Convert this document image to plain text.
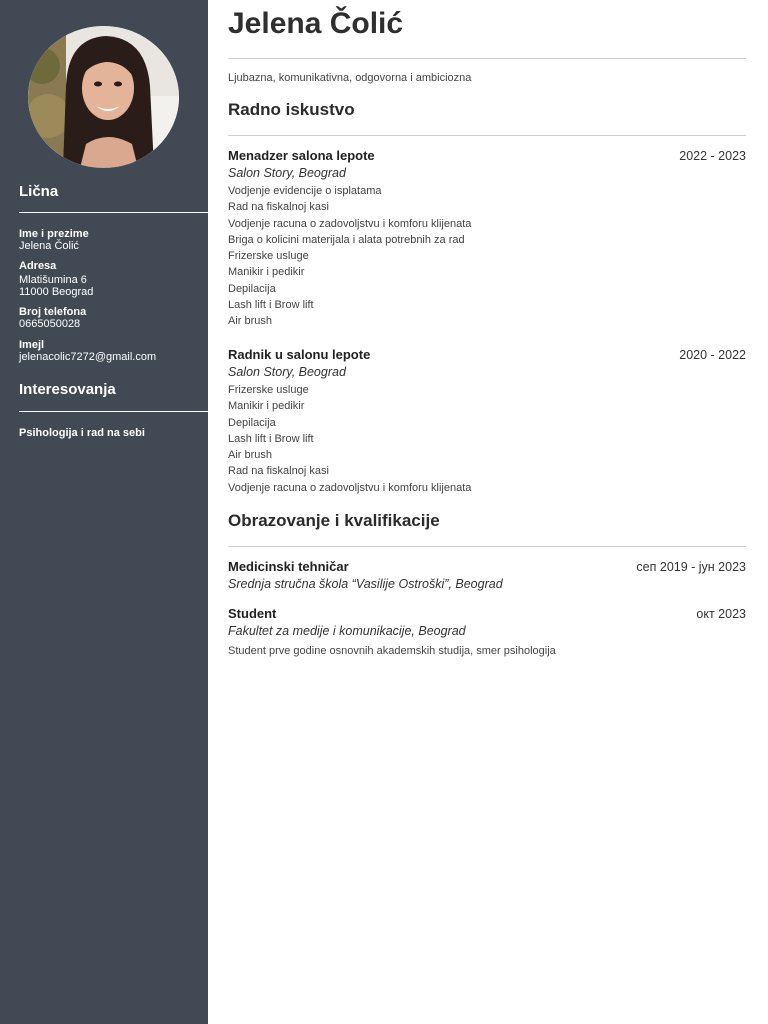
Lična
Ime i prezime
Jelena Čolić
Adresa
Mlatišumina 6
11000 Beograd
Broj telefona
0665050028
Imejl
jelenacolic7272@gmail.com
Interesovanja
Psihologija i rad na sebi
Jelena Čolić
Ljubazna, komunikativna, odgovorna i ambiciozna
Radno iskustvo
Menadzer salona lepote	2022 - 2023
Salon Story, Beograd
Vodjenje evidencije o isplatama
Rad na fiskalnoj kasi
Vodjenje racuna o zadovoljstvu i komforu klijenata
Briga o kolicini materijala i alata potrebnih za rad
Frizerske usluge
Manikir i pedikir
Depilacija
Lash lift i Brow lift
Air brush
Radnik u salonu lepote	2020 - 2022
Salon Story, Beograd
Frizerske usluge
Manikir i pedikir
Depilacija
Lash lift i Brow lift
Air brush
Rad na fiskalnoj kasi
Vodjenje racuna o zadovoljstvu i komforu klijenata
Obrazovanje i kvalifikacije
Medicinski tehničar	сеп 2019 - јун 2023
Srednja stručna škola “Vasilije Ostroški”, Beograd
Student	окт 2023
Fakultet za medije i komunikacije, Beograd
Student prve godine osnovnih akademskih studija, smer psihologija
